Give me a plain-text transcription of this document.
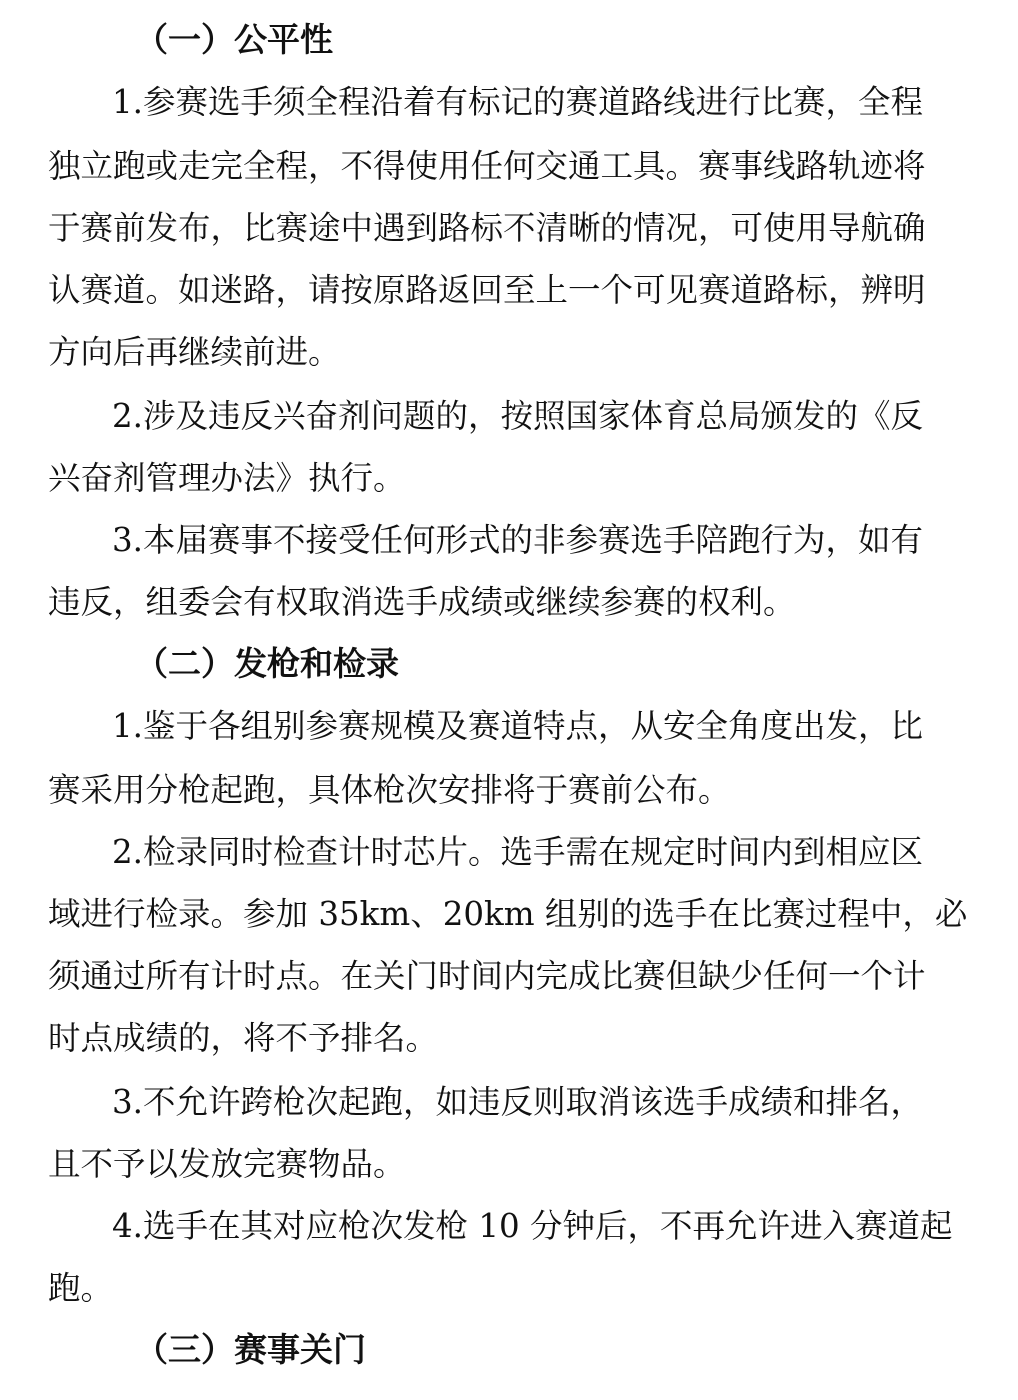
（一）公平性
1.参赛选手须全程沿着有标记的赛道路线进行比赛，全程
独立跑或走完全程，不得使用任何交通工具。赛事线路轨迹将
于赛前发布，比赛途中遇到路标不清晰的情况，可使用导航确
认赛道。如迷路，请按原路返回至上一个可见赛道路标，辨明
方向后再继续前进。
2.涉及违反兴奋剂问题的，按照国家体育总局颁发的《反
兴奋剂管理办法》执行。
3.本届赛事不接受任何形式的非参赛选手陪跑行为，如有
违反，组委会有权取消选手成绩或继续参赛的权利。
（二）发枪和检录
1.鉴于各组别参赛规模及赛道特点，从安全角度出发，比
赛采用分枪起跑，具体枪次安排将于赛前公布。
2.检录同时检查计时芯片。选手需在规定时间内到相应区
域进行检录。参加 35km、20km 组别的选手在比赛过程中，必
须通过所有计时点。在关门时间内完成比赛但缺少任何一个计
时点成绩的，将不予排名。
3.不允许跨枪次起跑，如违反则取消该选手成绩和排名，
且不予以发放完赛物品。
4.选手在其对应枪次发枪 10 分钟后，不再允许进入赛道起
跑。
（三）赛事关门
